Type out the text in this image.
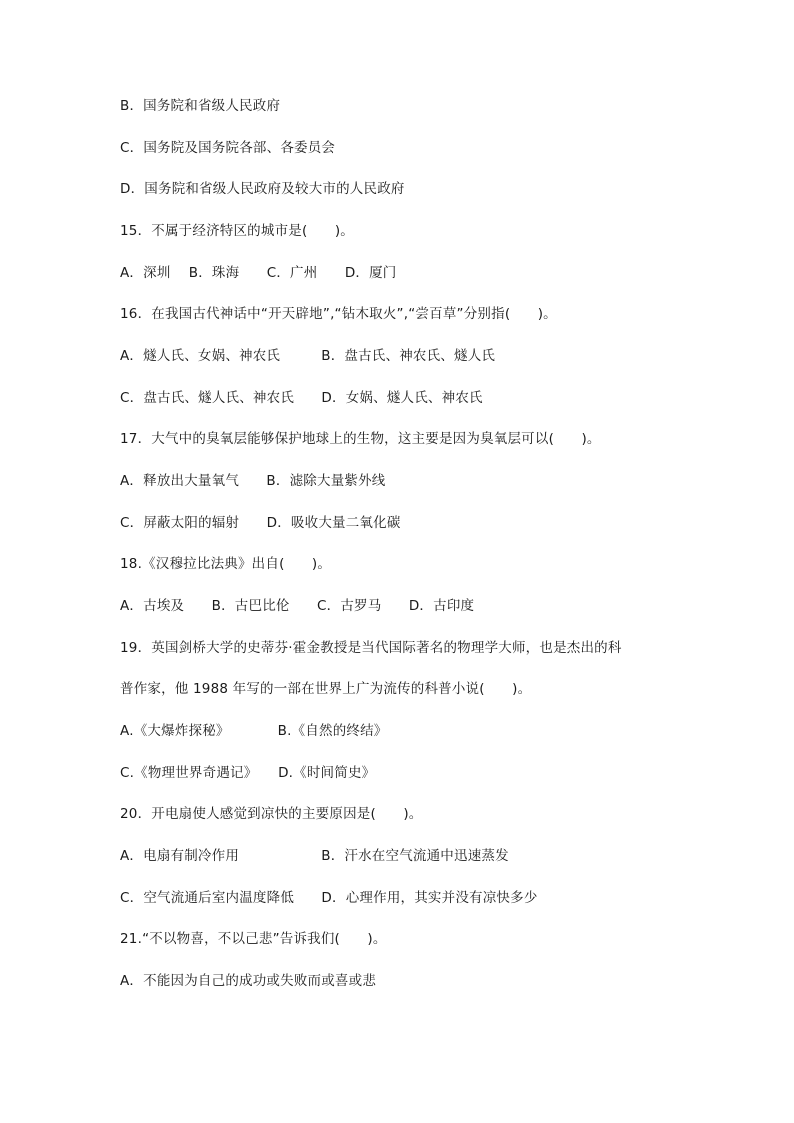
B．国务院和省级人民政府
C．国务院及国务院各部、各委员会
D．国务院和省级人民政府及较大市的人民政府
15．不属于经济特区的城市是(　　)。
A．深圳　 B．珠海　　C．广州　　D．厦门
16．在我国古代神话中“开天辟地”,“钻木取火”,“尝百草”分别指(　　)。
A．燧人氏、女娲、神农氏　　　B．盘古氏、神农氏、燧人氏
C．盘古氏、燧人氏、神农氏　　D．女娲、燧人氏、神农氏
17．大气中的臭氧层能够保护地球上的生物，这主要是因为臭氧层可以(　　)。
A．释放出大量氧气　　B．滤除大量紫外线
C．屏蔽太阳的辐射　　D．吸收大量二氧化碳
18.《汉穆拉比法典》出自(　　)。
A．古埃及　　B．古巴比伦　　C．古罗马　　D．古印度
19．英国剑桥大学的史蒂芬·霍金教授是当代国际著名的物理学大师，也是杰出的科
普作家，他 1988 年写的一部在世界上广为流传的科普小说(　　)。
A.《大爆炸探秘》　　　　B.《自然的终结》
C.《物理世界奇遇记》　　D.《时间简史》
20．开电扇使人感觉到凉快的主要原因是(　　)。
A．电扇有制冷作用　　　　　　B．汗水在空气流通中迅速蒸发
C．空气流通后室内温度降低　　D．心理作用，其实并没有凉快多少
21.“不以物喜，不以己悲”告诉我们(　　)。
A．不能因为自己的成功或失败而或喜或悲
